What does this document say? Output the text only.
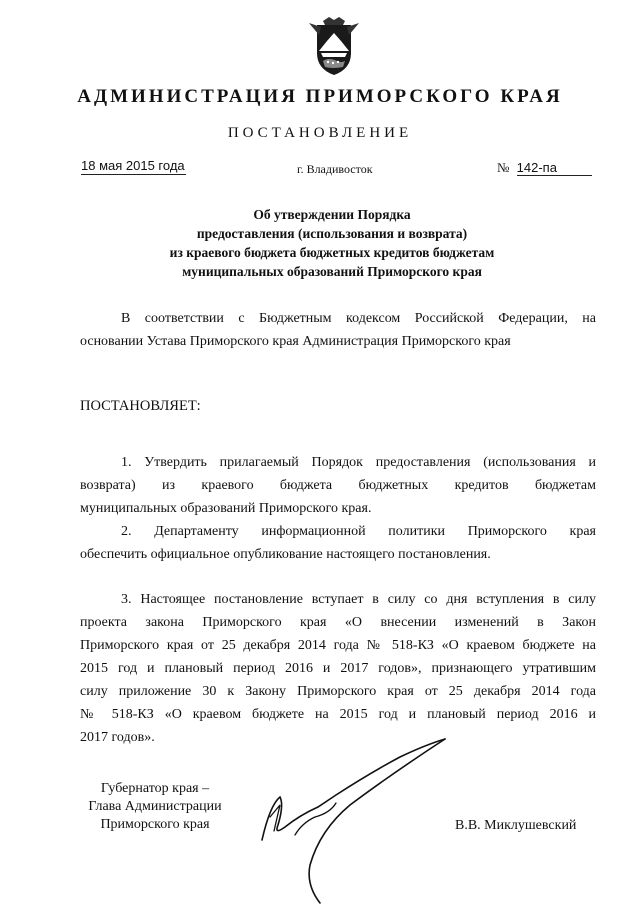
АДМИНИСТРАЦИЯ ПРИМОРСКОГО КРАЯ
ПОСТАНОВЛЕНИЕ
18 мая 2015 года	г. Владивосток	№ 142-па
Об утверждении Порядка
предоставления (использования и возврата)
из краевого бюджета бюджетных кредитов бюджетам
муниципальных образований Приморского края
В соответствии с Бюджетным кодексом Российской Федерации, на
основании Устава Приморского края Администрация Приморского края
ПОСТАНОВЛЯЕТ:
1. Утвердить прилагаемый Порядок предоставления (использования и
возврата) из краевого бюджета бюджетных кредитов бюджетам
муниципальных образований Приморского края.
2. Департаменту информационной политики Приморского края
обеспечить официальное опубликование настоящего постановления.
3. Настоящее постановление вступает в силу со дня вступления в силу
проекта закона Приморского края «О внесении изменений в Закон
Приморского края от 25 декабря 2014 года № 518-КЗ «О краевом бюджете на
2015 год и плановый период 2016 и 2017 годов», признающего утратившим
силу приложение 30 к Закону Приморского края от 25 декабря 2014 года
№ 518-КЗ «О краевом бюджете на 2015 год и плановый период 2016 и
2017 годов».
Губернатор края –
Глава Администрации
Приморского края	В.В. Миклушевский
